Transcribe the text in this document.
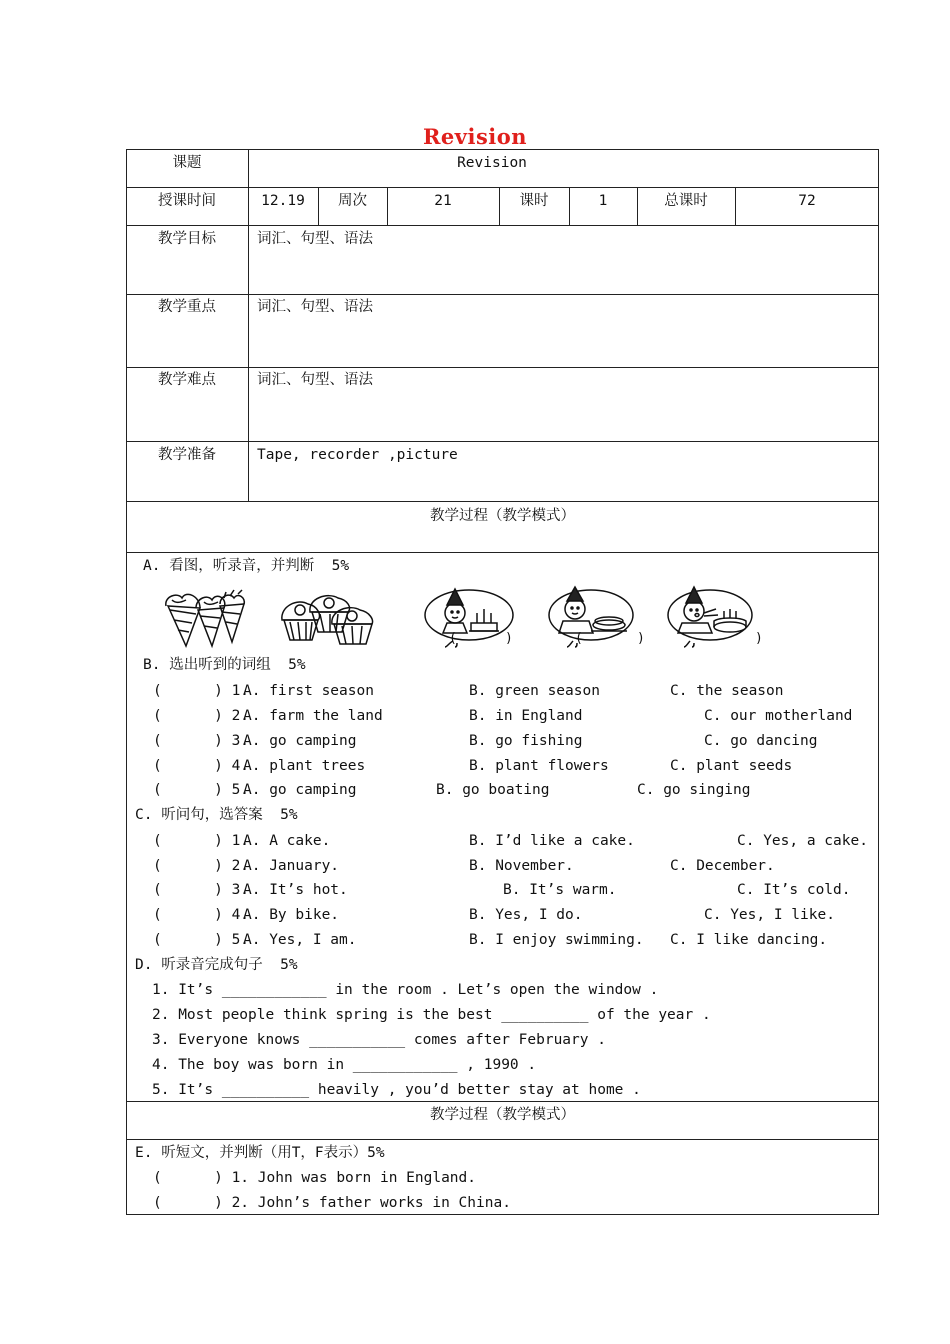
Revision
课题	Revision
授课时间	12.19	周次	21	课时	1	总课时	72
教学目标	词汇、句型、语法
教学重点	词汇、句型、语法
教学难点	词汇、句型、语法
教学准备	Tape, recorder ,picture
教学过程（教学模式）
A. 看图，听录音，并判断  5%
(	)	(	)	)
B. 选出听到的词组  5%
(      ) 1.
A. first season	B. green season	C. the season
(      ) 2.
A. farm the land	B. in England	C. our motherland
(      ) 3.
A. go camping	B. go fishing	C. go dancing
(      ) 4.
A. plant trees	B. plant flowers	C. plant seeds
(      ) 5.
A. go camping	B. go boating	C. go singing
C. 听问句，选答案  5%
(      ) 1.
A. A cake.	B. I’d like a cake.	C. Yes, a cake.
(      ) 2.
A. January.	B. November.	C. December.
(      ) 3.
A. It’s hot.	B. It’s warm.	C. It’s cold.
(      ) 4.
A. By bike.	B. Yes, I do.	C. Yes, I like.
(      ) 5.
A. Yes, I am.	B. I enjoy swimming. C. I like dancing.
D. 听录音完成句子  5%
1. It’s ____________ in the room . Let’s open the window .
2. Most people think spring is the best __________ of the year .
3. Everyone knows ___________ comes after February .
4. The boy was born in ____________ , 1990 .
5. It’s __________ heavily , you’d better stay at home .
教学过程（教学模式）
E. 听短文，并判断（用T，F表示）5%
(      ) 1. John was born in England.
(      ) 2. John’s father works in China.
